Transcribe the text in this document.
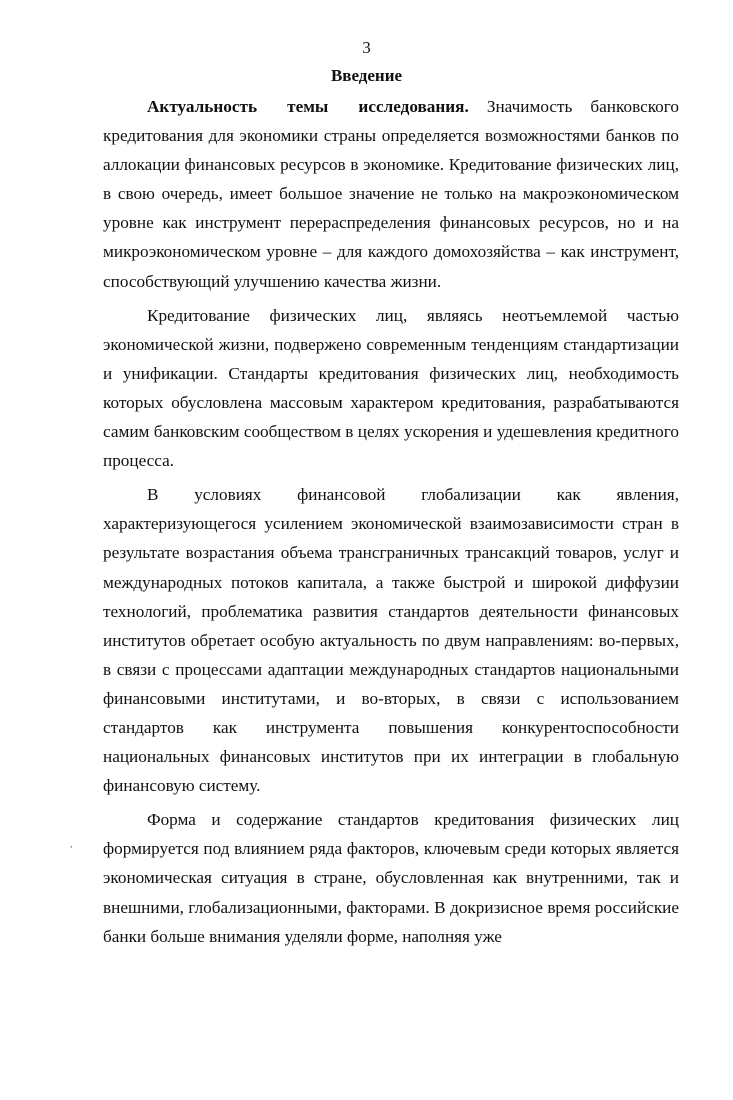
3
Введение

Актуальность темы исследования. Значимость банковского кредитования для экономики страны определяется возможностями банков по аллокации финансовых ресурсов в экономике. Кредитование физических лиц, в свою очередь, имеет большое значение не только на макроэкономическом уровне как инструмент перераспределения финансовых ресурсов, но и на микроэкономическом уровне – для каждого домохозяйства – как инструмент, способствующий улучшению качества жизни.

Кредитование физических лиц, являясь неотъемлемой частью экономической жизни, подвержено современным тенденциям стандартизации и унификации. Стандарты кредитования физических лиц, необходимость которых обусловлена массовым характером кредитования, разрабатываются самим банковским сообществом в целях ускорения и удешевления кредитного процесса.

В условиях финансовой глобализации как явления, характеризующегося усилением экономической взаимозависимости стран в результате возрастания объема трансграничных трансакций товаров, услуг и международных потоков капитала, а также быстрой и широкой диффузии технологий, проблематика развития стандартов деятельности финансовых институтов обретает особую актуальность по двум направлениям: во-первых, в связи с процессами адаптации международных стандартов национальными финансовыми институтами, и во-вторых, в связи с использованием стандартов как инструмента повышения конкурентоспособности национальных финансовых институтов при их интеграции в глобальную финансовую систему.

Форма и содержание стандартов кредитования физических лиц формируется под влиянием ряда факторов, ключевым среди которых является экономическая ситуация в стране, обусловленная как внутренними, так и внешними, глобализационными, факторами. В докризисное время российские банки больше внимания уделяли форме, наполняя уже

ꞏ
